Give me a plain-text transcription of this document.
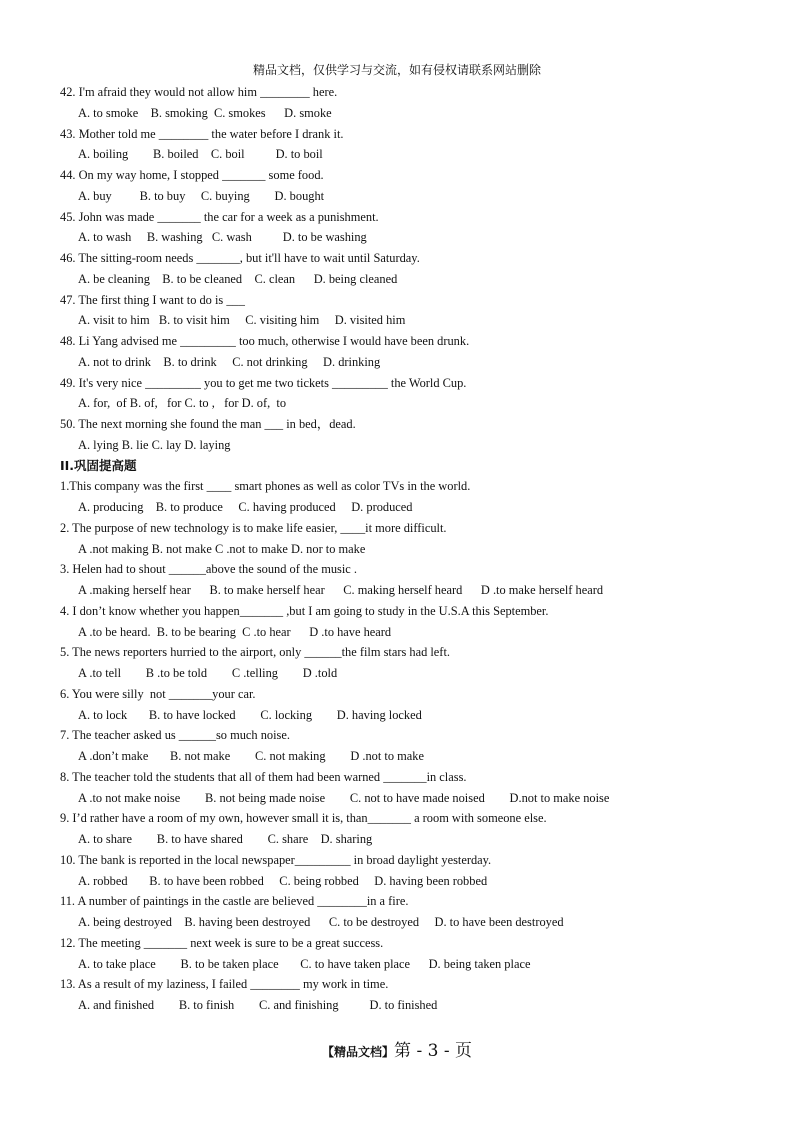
精品文档，仅供学习与交流，如有侵权请联系网站删除
42. I'm afraid they would not allow him ________ here.
A. to smoke    B. smoking  C. smokes      D. smoke
43. Mother told me ________ the water before I drank it.
A. boiling        B. boiled    C. boil          D. to boil
44. On my way home, I stopped _______ some food.
A. buy         B. to buy     C. buying        D. bought
45. John was made _______ the car for a week as a punishment.
A. to wash     B. washing   C. wash          D. to be washing
46. The sitting-room needs _______, but it'll have to wait until Saturday.
A. be cleaning    B. to be cleaned    C. clean      D. being cleaned
47. The first thing I want to do is ___
A. visit to him   B. to visit him     C. visiting him     D. visited him
48. Li Yang advised me _________ too much, otherwise I would have been drunk.
A. not to drink    B. to drink     C. not drinking     D. drinking
49. It's very nice _________ you to get me two tickets _________ the World Cup.
A. for,  of B. of,   for C. to ,   for D. of,  to
50. The next morning she found the man ___ in bed，dead.
A. lying B. lie C. lay D. laying
II.巩固提高题
1.This company was the first ____ smart phones as well as color TVs in the world.
A. producing    B. to produce     C. having produced     D. produced
2. The purpose of new technology is to make life easier, ____it more difficult.
A .not making B. not make C .not to make D. nor to make
3. Helen had to shout ______above the sound of the music .
A .making herself hear      B. to make herself hear      C. making herself heard      D .to make herself heard
4. I don’t know whether you happen_______ ,but I am going to study in the U.S.A this September.
A .to be heard.  B. to be bearing  C .to hear      D .to have heard
5. The news reporters hurried to the airport, only ______the film stars had left.
A .to tell        B .to be told        C .telling        D .told
6. You were silly  not _______your car.
A. to lock       B. to have locked        C. locking        D. having locked
7. The teacher asked us ______so much noise.
A .don’t make       B. not make        C. not making        D .not to make
8. The teacher told the students that all of them had been warned _______in class.
A .to not make noise        B. not being made noise        C. not to have made noised        D.not to make noise
9. I’d rather have a room of my own, however small it is, than_______ a room with someone else.
A. to share        B. to have shared        C. share    D. sharing
10. The bank is reported in the local newspaper_________ in broad daylight yesterday.
A. robbed       B. to have been robbed     C. being robbed     D. having been robbed
11. A number of paintings in the castle are believed ________in a fire.
A. being destroyed    B. having been destroyed      C. to be destroyed     D. to have been destroyed
12. The meeting _______ next week is sure to be a great success.
A. to take place        B. to be taken place       C. to have taken place      D. being taken place
13. As a result of my laziness, I failed ________ my work in time.
A. and finished        B. to finish        C. and finishing          D. to finished
【精品文档】第 - 3 - 页
